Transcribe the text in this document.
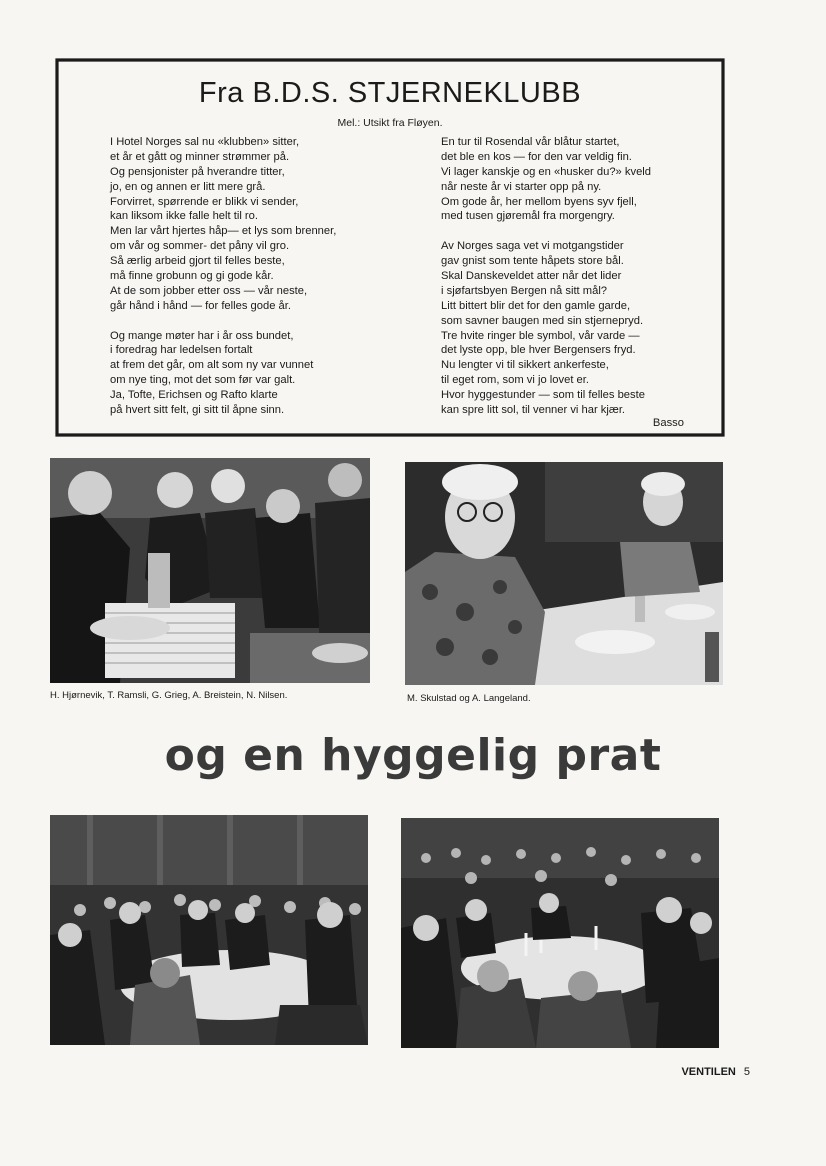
Fra B.D.S. STJERNEKLUBB
Mel.: Utsikt fra Fløyen.
I Hotel Norges sal nu «klubben» sitter,
et år et gått og minner strømmer på.
Og pensjonister på hverandre titter,
jo, en og annen er litt mere grå.
Forvirret, spørrende er blikk vi sender,
kan liksom ikke falle helt til ro.
Men lar vårt hjertes håp— et lys som brenner,
om vår og sommer- det påny vil gro.
Så ærlig arbeid gjort til felles beste,
må finne grobunn og gi gode kår.
At de som jobber etter oss — vår neste,
går hånd i hånd — for felles gode år.
Og mange møter har i år oss bundet,
i foredrag har ledelsen fortalt
at frem det går, om alt som ny var vunnet
om nye ting, mot det som før var galt.
Ja, Tofte, Erichsen og Rafto klarte
på hvert sitt felt, gi sitt til åpne sinn.
En tur til Rosendal vår blåtur startet,
det ble en kos — for den var veldig fin.
Vi lager kanskje og en «husker du?» kveld
når neste år vi starter opp på ny.
Om gode år, her mellom byens syv fjell,
med tusen gjøremål fra morgengry.
Av Norges saga vet vi motgangstider
gav gnist som tente håpets store bål.
Skal Danskeveldet atter når det lider
i sjøfartsbyen Bergen nå sitt mål?
Litt bittert blir det for den gamle garde,
som savner baugen med sin stjernepryd.
Tre hvite ringer ble symbol, vår varde —
det lyste opp, ble hver Bergensers fryd.
Nu lengter vi til sikkert ankerfeste,
til eget rom, som vi jo lovet er.
Hvor hyggestunder — som til felles beste
kan spre litt sol, til venner vi har kjær.
Basso
H. Hjørnevik, T. Ramsli, G. Grieg, A. Breistein, N. Nilsen.	M. Skulstad og A. Langeland.
og en hyggelig prat
VENTILEN 5
